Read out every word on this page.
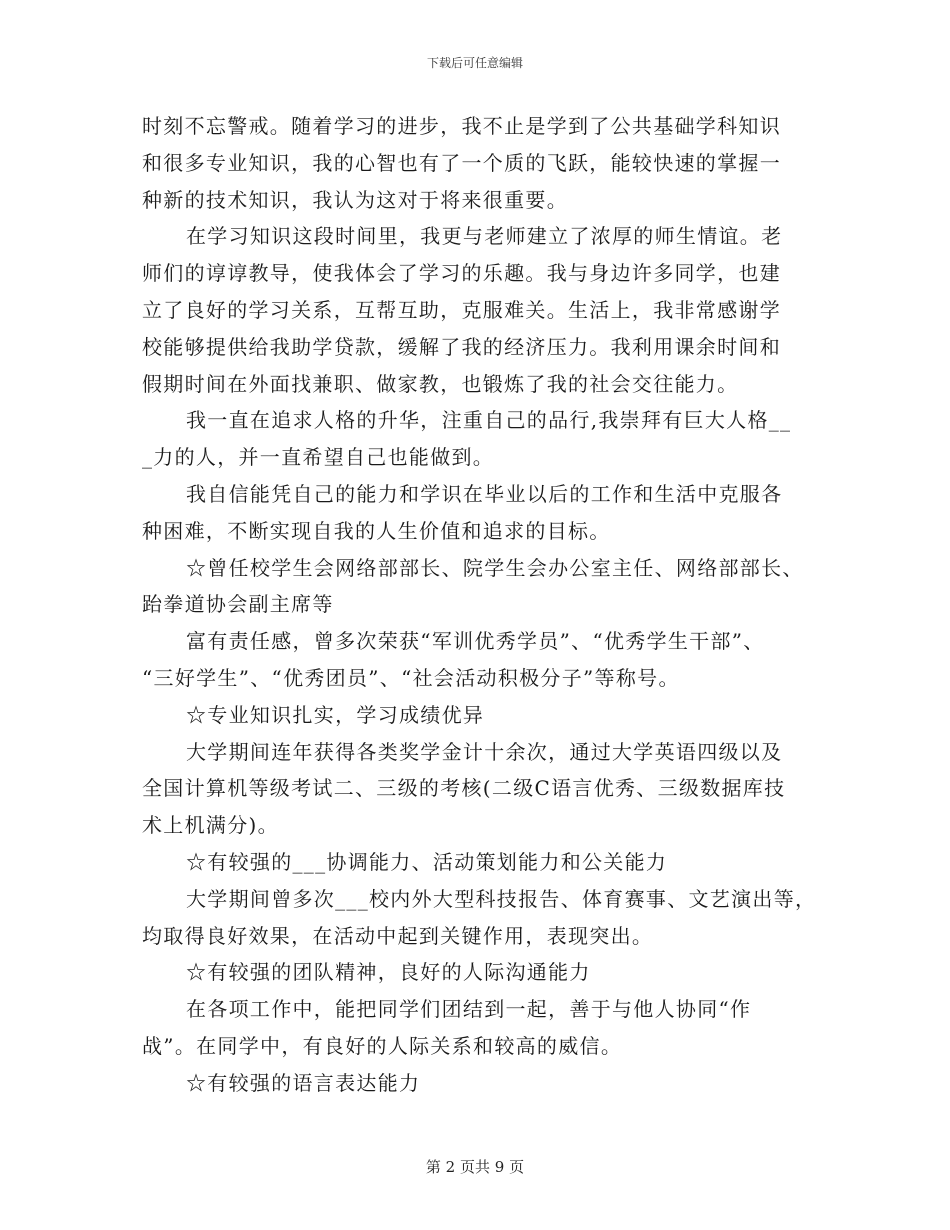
下载后可任意编辑
时刻不忘警戒。随着学习的进步，我不止是学到了公共基础学科知识
和很多专业知识，我的心智也有了一个质的飞跃，能较快速的掌握一
种新的技术知识，我认为这对于将来很重要。
在学习知识这段时间里，我更与老师建立了浓厚的师生情谊。老
师们的谆谆教导，使我体会了学习的乐趣。我与身边许多同学，也建
立了良好的学习关系，互帮互助，克服难关。生活上，我非常感谢学
校能够提供给我助学贷款，缓解了我的经济压力。我利用课余时间和
假期时间在外面找兼职、做家教，也锻炼了我的社会交往能力。
我一直在追求人格的升华，注重自己的品行,我崇拜有巨大人格__
_力的人，并一直希望自己也能做到。
我自信能凭自己的能力和学识在毕业以后的工作和生活中克服各
种困难，不断实现自我的人生价值和追求的目标。
☆曾任校学生会网络部部长、院学生会办公室主任、网络部部长、
跆拳道协会副主席等
富有责任感，曾多次荣获“军训优秀学员”、“优秀学生干部”、
“三好学生”、“优秀团员”、“社会活动积极分子”等称号。
☆专业知识扎实，学习成绩优异
大学期间连年获得各类奖学金计十余次，通过大学英语四级以及
全国计算机等级考试二、三级的考核(二级C语言优秀、三级数据库技
术上机满分)。
☆有较强的___协调能力、活动策划能力和公关能力
大学期间曾多次___校内外大型科技报告、体育赛事、文艺演出等，
均取得良好效果，在活动中起到关键作用，表现突出。
☆有较强的团队精神，良好的人际沟通能力
在各项工作中，能把同学们团结到一起，善于与他人协同“作
战”。在同学中，有良好的人际关系和较高的威信。
☆有较强的语言表达能力
第 2 页共 9 页
